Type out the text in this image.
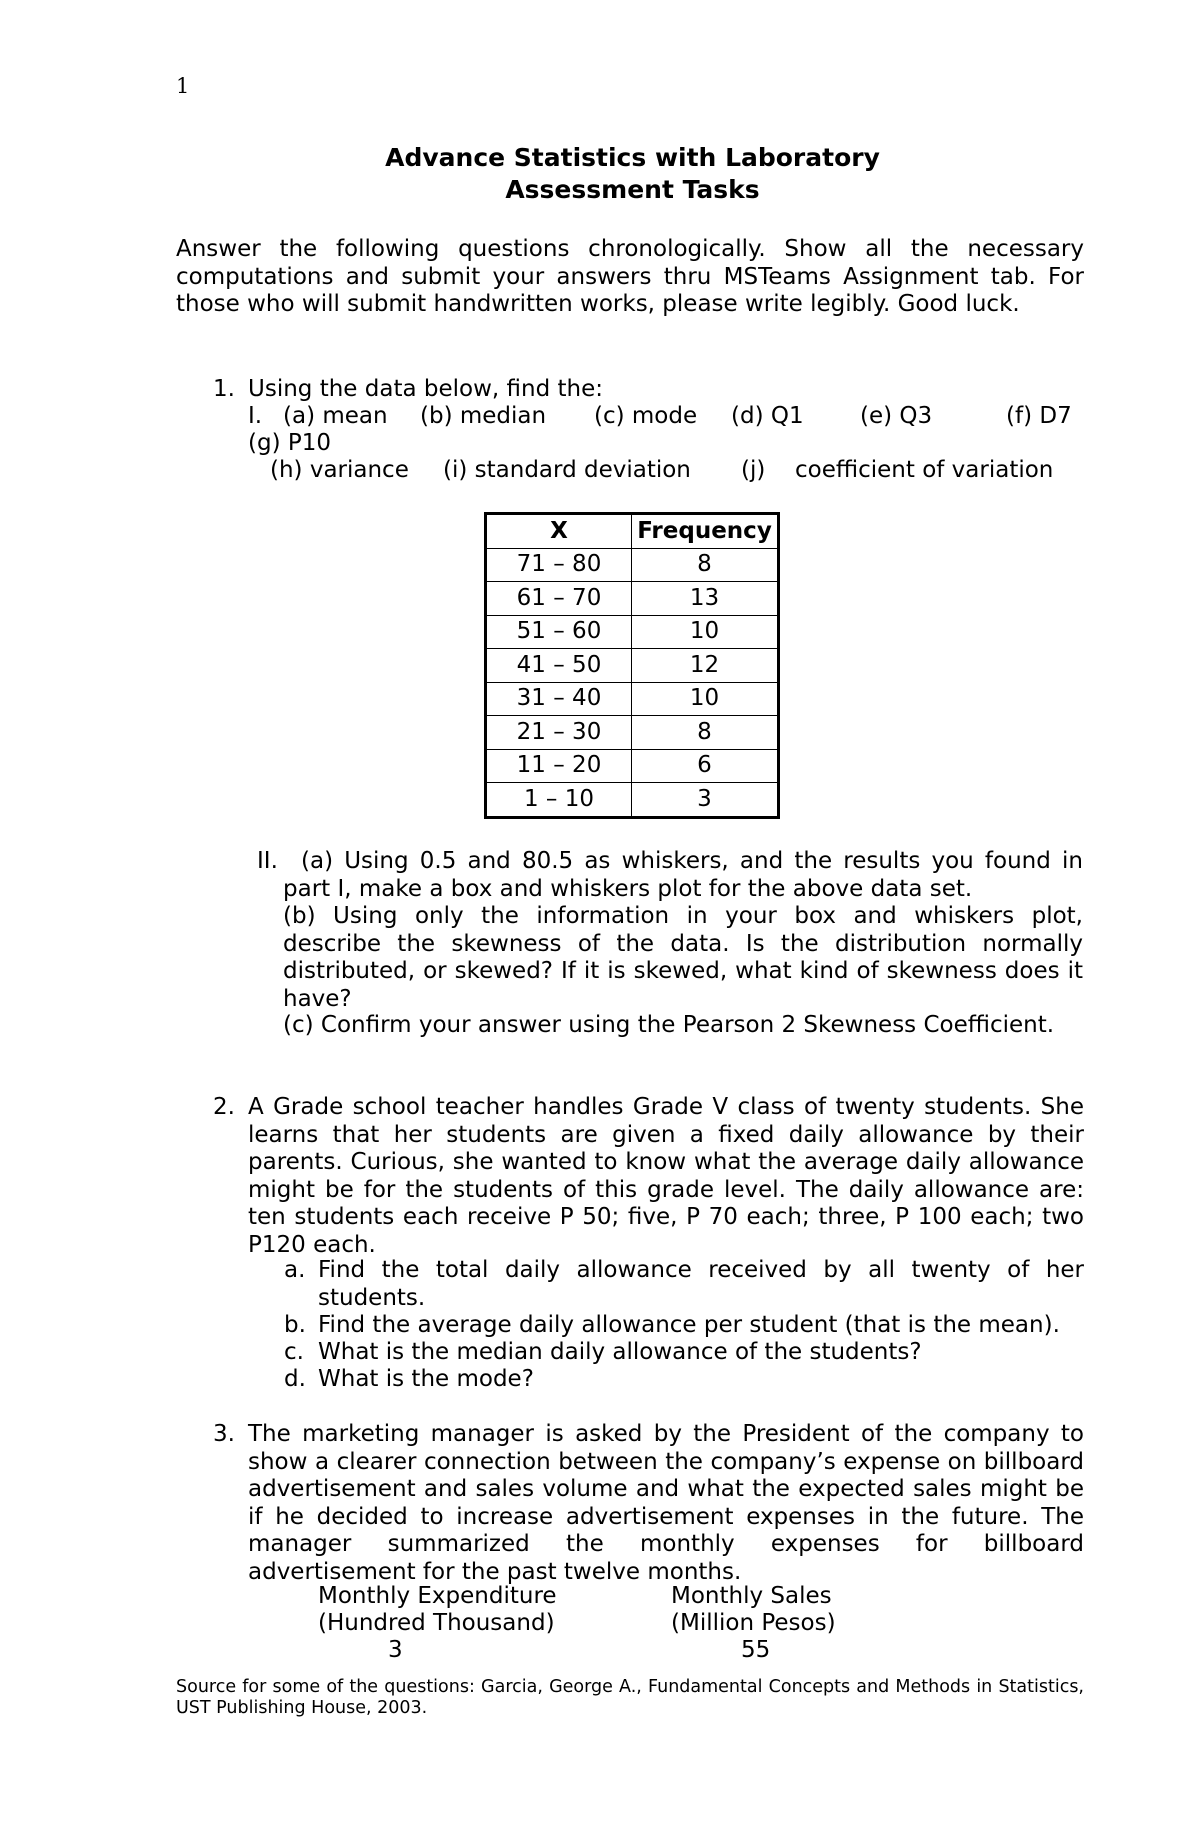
1
Advance Statistics with Laboratory
Assessment Tasks
Answer the following questions chronologically. Show all the necessary computations and submit your answers thru MSTeams Assignment tab. For those who will submit handwritten works, please write legibly. Good luck.
1. Using the data below, find the:
I. (a) mean (b) median (c) mode (d) Q1 (e) Q3	(f) D7
(g) P10
(h) variance (i) standard deviation (j) coefficient of variation
X	Frequency
71 – 80	8
61 – 70	13
51 – 60	10
41 – 50	12
31 – 40	10
21 – 30	8
11 – 20	6
1 – 10	3
II.	(a) Using 0.5 and 80.5 as whiskers, and the results you found in part I, make a box and whiskers plot for the above data set.
(b) Using only the information in your box and whiskers plot, describe the skewness of the data. Is the distribution normally distributed, or skewed? If it is skewed, what kind of skewness does it have?
(c) Confirm your answer using the Pearson 2 Skewness Coefficient.
2. A Grade school teacher handles Grade V class of twenty students. She learns that her students are given a fixed daily allowance by their parents. Curious, she wanted to know what the average daily allowance might be for the students of this grade level. The daily allowance are: ten students each receive P 50; five, P 70 each; three, P 100 each; two P120 each.
a. Find the total daily allowance received by all twenty of her students.
b. Find the average daily allowance per student (that is the mean).
c. What is the median daily allowance of the students?
d. What is the mode?
3. The marketing manager is asked by the President of the company to show a clearer connection between the company’s expense on billboard advertisement and sales volume and what the expected sales might be if he decided to increase advertisement expenses in the future. The manager summarized the monthly expenses for billboard advertisement for the past twelve months.
Monthly Expenditure	Monthly Sales
(Hundred Thousand)	(Million Pesos)
3	55
Source for some of the questions: Garcia, George A., Fundamental Concepts and Methods in Statistics, UST Publishing House, 2003.
